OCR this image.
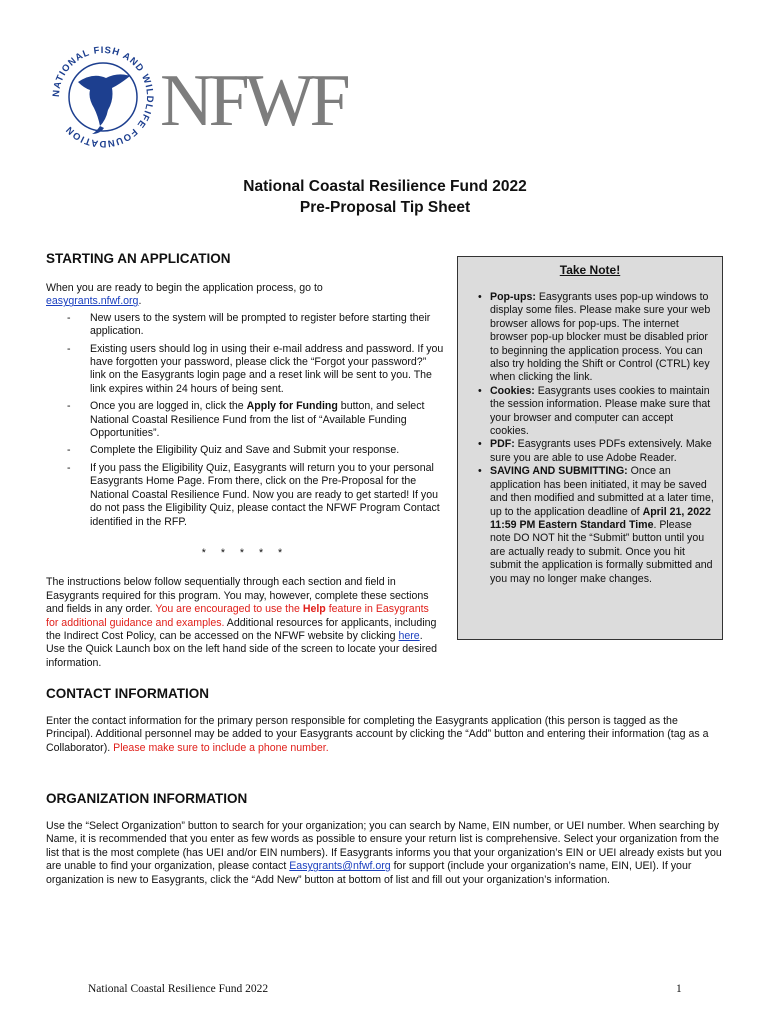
NATIONAL FISH AND WILDLIFE FOUNDATION	NFWF
National Coastal Resilience Fund 2022
Pre-Proposal Tip Sheet
STARTING AN APPLICATION
When you are ready to begin the application process, go to
easygrants.nfwf.org.
- New users to the system will be prompted to register before starting their application.
- Existing users should log in using their e-mail address and password. If you have forgotten your password, please click the “Forgot your password?” link on the Easygrants login page and a reset link will be sent to you. The link expires within 24 hours of being sent.
- Once you are logged in, click the Apply for Funding button, and select National Coastal Resilience Fund from the list of “Available Funding Opportunities”.
- Complete the Eligibility Quiz and Save and Submit your response.
- If you pass the Eligibility Quiz, Easygrants will return you to your personal Easygrants Home Page. From there, click on the Pre-Proposal for the National Coastal Resilience Fund. Now you are ready to get started! If you do not pass the Eligibility Quiz, please contact the NFWF Program Contact identified in the RFP.
* * * * *
The instructions below follow sequentially through each section and field in Easygrants required for this program. You may, however, complete these sections and fields in any order. You are encouraged to use the Help feature in Easygrants for additional guidance and examples. Additional resources for applicants, including the Indirect Cost Policy, can be accessed on the NFWF website by clicking here. Use the Quick Launch box on the left hand side of the screen to locate your desired information.
Take Note!
• Pop-ups: Easygrants uses pop-up windows to display some files. Please make sure your web browser allows for pop-ups. The internet browser pop-up blocker must be disabled prior to beginning the application process. You can also try holding the Shift or Control (CTRL) key when clicking the link.
• Cookies: Easygrants uses cookies to maintain the session information. Please make sure that your browser and computer can accept cookies.
• PDF: Easygrants uses PDFs extensively. Make sure you are able to use Adobe Reader.
• SAVING AND SUBMITTING: Once an application has been initiated, it may be saved and then modified and submitted at a later time, up to the application deadline of April 21, 2022 11:59 PM Eastern Standard Time. Please note DO NOT hit the “Submit” button until you are actually ready to submit. Once you hit submit the application is formally submitted and you may no longer make changes.
CONTACT INFORMATION
Enter the contact information for the primary person responsible for completing the Easygrants application (this person is tagged as the Principal). Additional personnel may be added to your Easygrants account by clicking the “Add” button and entering their information (tag as a Collaborator). Please make sure to include a phone number.
ORGANIZATION INFORMATION
Use the “Select Organization” button to search for your organization; you can search by Name, EIN number, or UEI number. When searching by Name, it is recommended that you enter as few words as possible to ensure your return list is comprehensive. Select your organization from the list that is the most complete (has UEI and/or EIN numbers). If Easygrants informs you that your organization’s EIN or UEI already exists but you are unable to find your organization, please contact Easygrants@nfwf.org for support (include your organization’s name, EIN, UEI). If your organization is new to Easygrants, click the “Add New” button at bottom of list and fill out your organization’s information.
National Coastal Resilience Fund 2022	1
